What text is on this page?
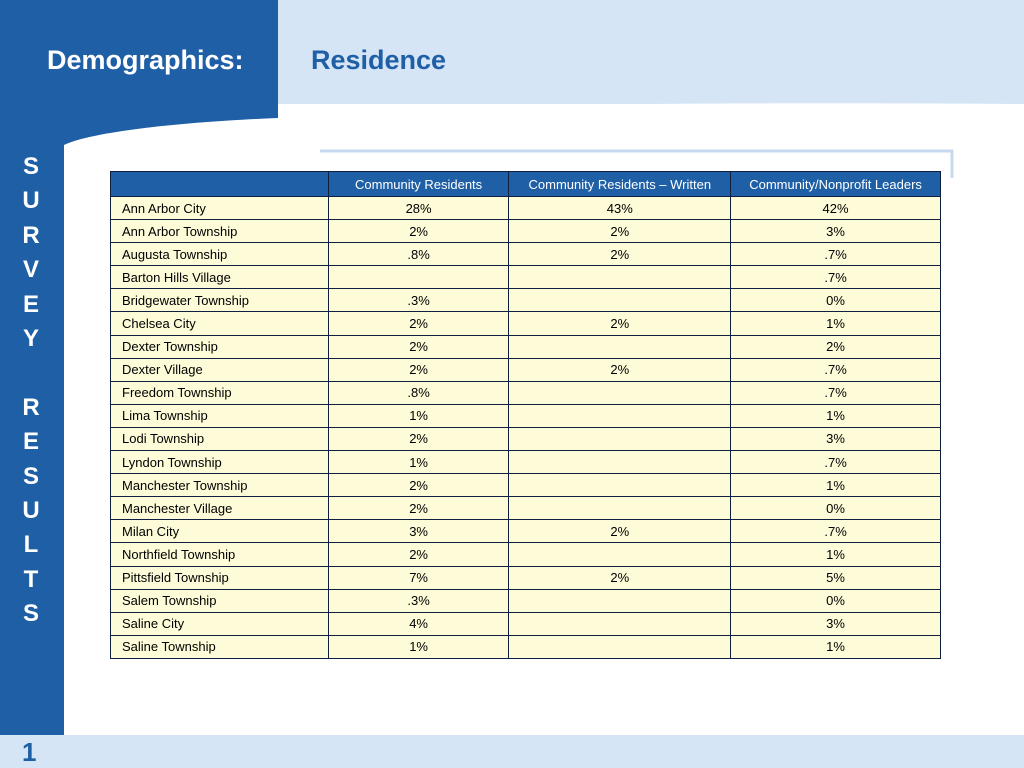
Demographics: Residence
S
U
R
V
E
Y
R
E
S
U
L
T
S
	Community Residents	Community Residents – Written	Community/Nonprofit Leaders
Ann Arbor City	28%	43%	42%
Ann Arbor Township	2%	2%	3%
Augusta Township	.8%	2%	.7%
Barton Hills Village			.7%
Bridgewater Township	.3%		0%
Chelsea City	2%	2%	1%
Dexter Township	2%		2%
Dexter Village	2%	2%	.7%
Freedom Township	.8%		.7%
Lima Township	1%		1%
Lodi Township	2%		3%
Lyndon Township	1%		.7%
Manchester Township	2%		1%
Manchester Village	2%		0%
Milan City	3%	2%	.7%
Northfield Township	2%		1%
Pittsfield Township	7%	2%	5%
Salem Township	.3%		0%
Saline City	4%		3%
Saline Township	1%		1%
1
